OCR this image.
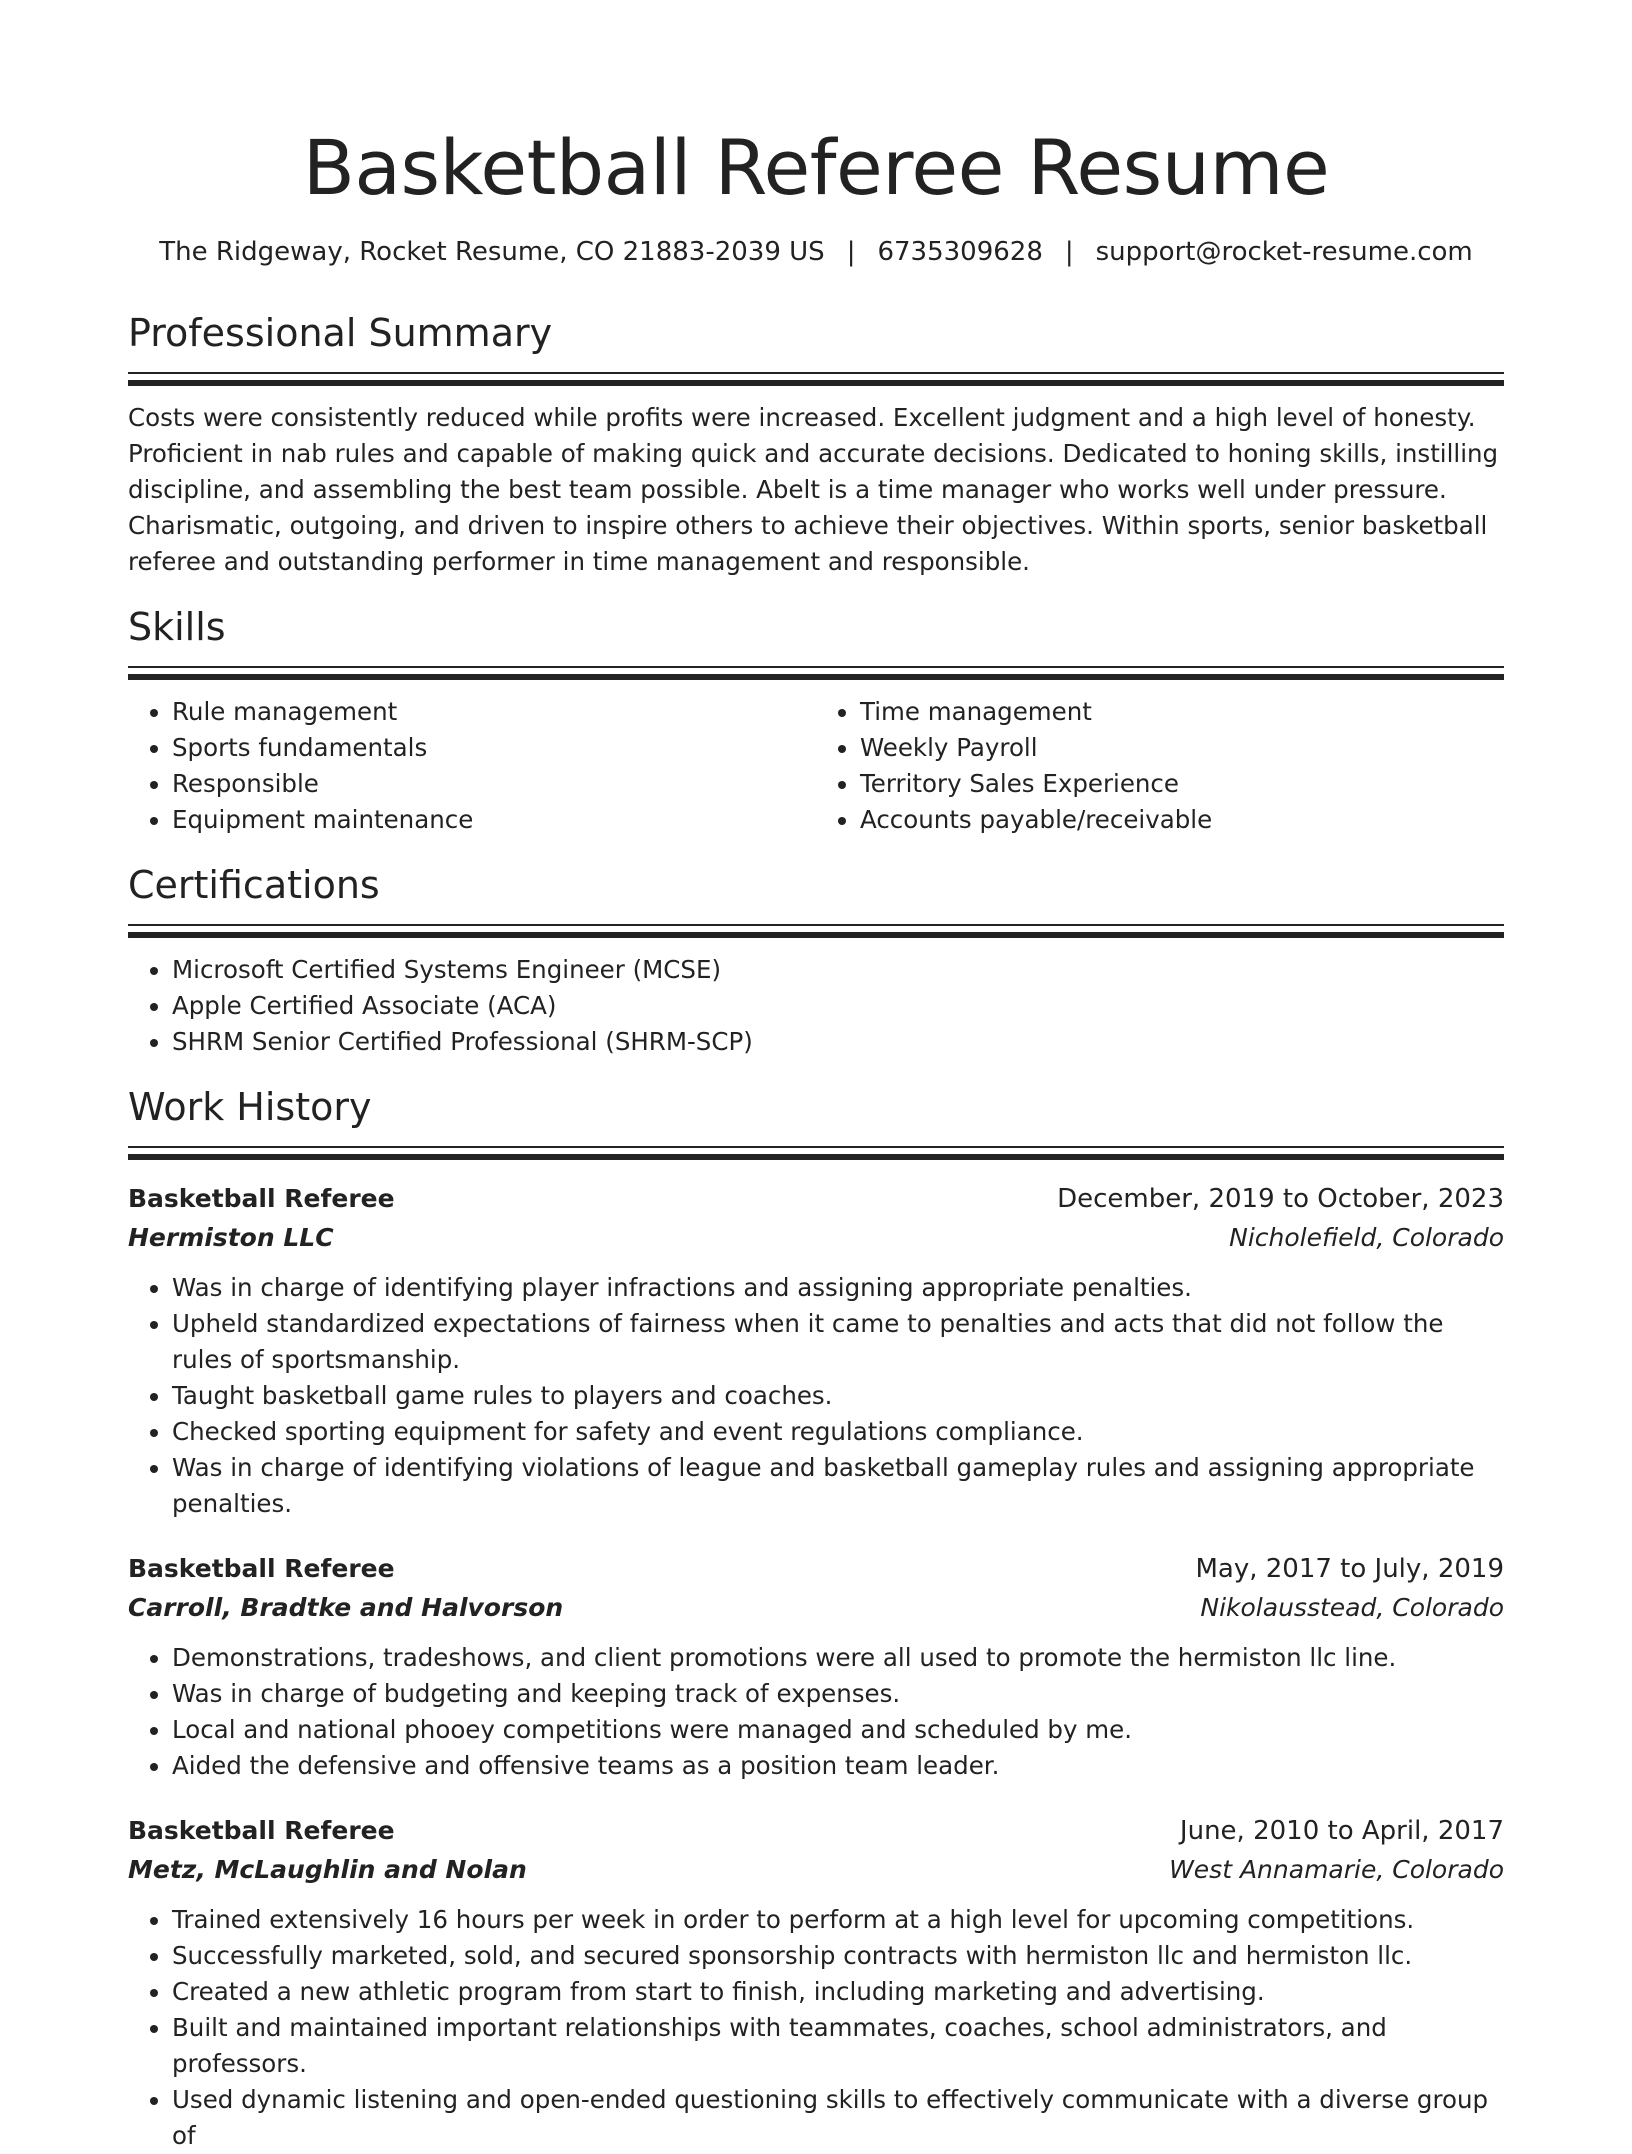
Basketball Referee Resume
The Ridgeway, Rocket Resume, CO 21883-2039 US | 6735309628 | support@rocket-resume.com
Professional Summary

Costs were consistently reduced while profits were increased. Excellent judgment and a high level of honesty. Proficient in nab rules and capable of making quick and accurate decisions. Dedicated to honing skills, instilling discipline, and assembling the best team possible. Abelt is a time manager who works well under pressure. Charismatic, outgoing, and driven to inspire others to achieve their objectives. Within sports, senior basketball referee and outstanding performer in time management and responsible.

Skills
• Rule management
• Sports fundamentals
• Responsible
• Equipment maintenance
• Time management
• Weekly Payroll
• Territory Sales Experience
• Accounts payable/receivable
Certifications
• Microsoft Certified Systems Engineer (MCSE)
• Apple Certified Associate (ACA)
• SHRM Senior Certified Professional (SHRM-SCP)
Work History
Basketball Referee	December, 2019 to October, 2023
Hermiston LLC	Nicholefield, Colorado
• Was in charge of identifying player infractions and assigning appropriate penalties.
• Upheld standardized expectations of fairness when it came to penalties and acts that did not follow the rules of sportsmanship.
• Taught basketball game rules to players and coaches.
• Checked sporting equipment for safety and event regulations compliance.
• Was in charge of identifying violations of league and basketball gameplay rules and assigning appropriate penalties.
Basketball Referee	May, 2017 to July, 2019
Carroll, Bradtke and Halvorson	Nikolausstead, Colorado
• Demonstrations, tradeshows, and client promotions were all used to promote the hermiston llc line.
• Was in charge of budgeting and keeping track of expenses.
• Local and national phooey competitions were managed and scheduled by me.
• Aided the defensive and offensive teams as a position team leader.
Basketball Referee	June, 2010 to April, 2017
Metz, McLaughlin and Nolan	West Annamarie, Colorado
• Trained extensively 16 hours per week in order to perform at a high level for upcoming competitions.
• Successfully marketed, sold, and secured sponsorship contracts with hermiston llc and hermiston llc.
• Created a new athletic program from start to finish, including marketing and advertising.
• Built and maintained important relationships with teammates, coaches, school administrators, and professors.
• Used dynamic listening and open-ended questioning skills to effectively communicate with a diverse group of
